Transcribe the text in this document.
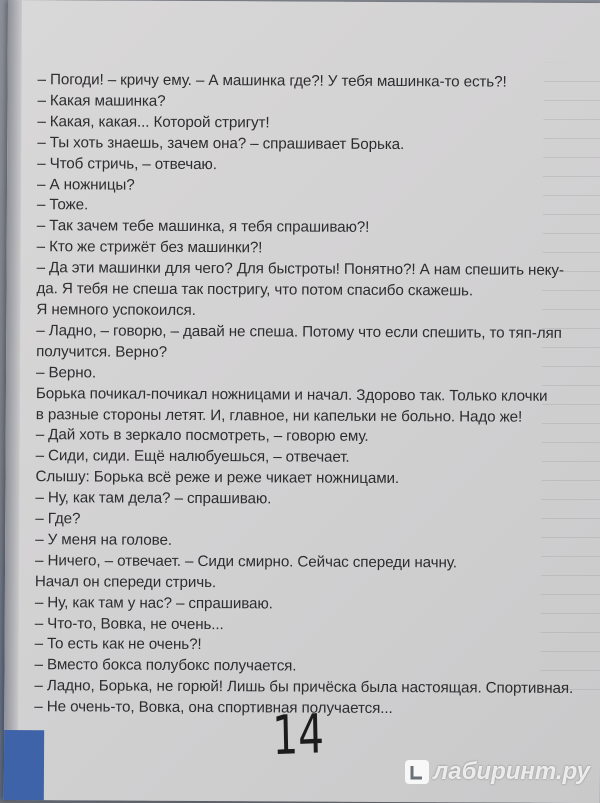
– Погоди! – кричу ему. – А машинка где?! У тебя машинка-то есть?!
– Какая машинка?
– Какая, какая... Которой стригут!
– Ты хоть знаешь, зачем она? – спрашивает Борька.
– Чтоб стричь, – отвечаю.
– А ножницы?
– Тоже.
– Так зачем тебе машинка, я тебя спрашиваю?!
– Кто же стрижёт без машинки?!
– Да эти машинки для чего? Для быстроты! Понятно?! А нам спешить неку-
да. Я тебя не спеша так постригу, что потом спасибо скажешь.
Я немного успокоился.
– Ладно, – говорю, – давай не спеша. Потому что если спешить, то тяп-ляп
получится. Верно?
– Верно.
Борька почикал-почикал ножницами и начал. Здорово так. Только клочки
в разные стороны летят. И, главное, ни капельки не больно. Надо же!
– Дай хоть в зеркало посмотреть, – говорю ему.
– Сиди, сиди. Ещё налюбуешься, – отвечает.
Слышу: Борька всё реже и реже чикает ножницами.
– Ну, как там дела? – спрашиваю.
– Где?
– У меня на голове.
– Ничего, – отвечает. – Сиди смирно. Сейчас спереди начну.
Начал он спереди стричь.
– Ну, как там у нас? – спрашиваю.
– Что-то, Вовка, не очень...
– То есть как не очень?!
– Вместо бокса полубокс получается.
– Ладно, Борька, не горюй! Лишь бы причёска была настоящая. Спортивная.
– Не очень-то, Вовка, она спортивная получается...
14
лабиринт.ру
